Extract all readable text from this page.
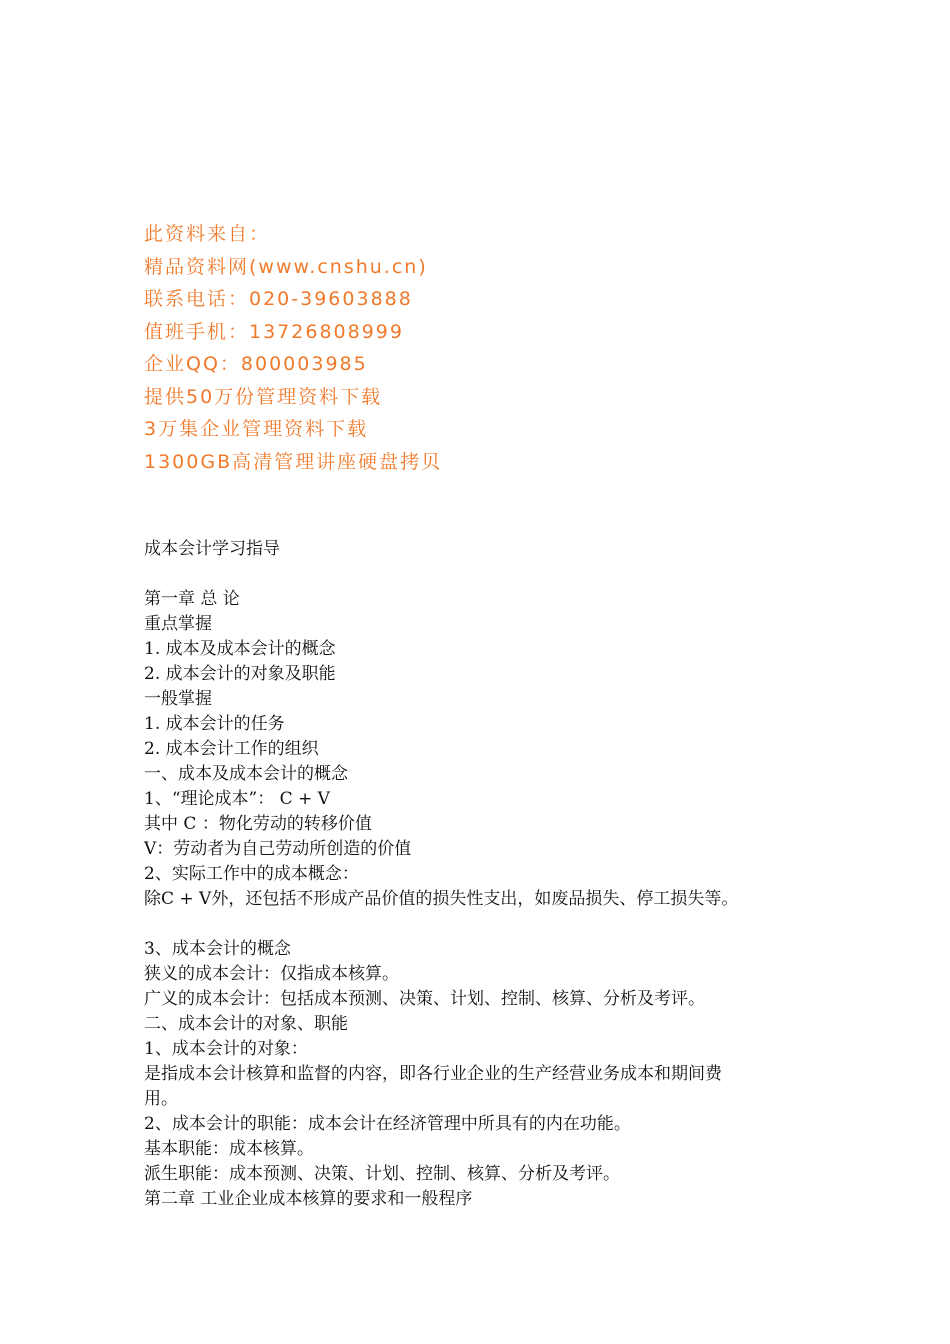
此资料来自：
精品资料网(www.cnshu.cn)
联系电话：020-39603888
值班手机：13726808999
企业QQ：800003985
提供50万份管理资料下载
3万集企业管理资料下载
1300GB高清管理讲座硬盘拷贝
成本会计学习指导
第一章 总 论
重点掌握
1. 成本及成本会计的概念
2. 成本会计的对象及职能
一般掌握
1. 成本会计的任务
2. 成本会计工作的组织
一、成本及成本会计的概念
1、“理论成本”： C + V
其中 C ：物化劳动的转移价值
V：劳动者为自己劳动所创造的价值
2、实际工作中的成本概念：
除C + V外，还包括不形成产品价值的损失性支出，如废品损失、停工损失等。
3、成本会计的概念
狭义的成本会计：仅指成本核算。
广义的成本会计：包括成本预测、决策、计划、控制、核算、分析及考评。
二、成本会计的对象、职能
1、成本会计的对象：
是指成本会计核算和监督的内容，即各行业企业的生产经营业务成本和期间费
用。
2、成本会计的职能：成本会计在经济管理中所具有的内在功能。
基本职能：成本核算。
派生职能：成本预测、决策、计划、控制、核算、分析及考评。
第二章 工业企业成本核算的要求和一般程序
